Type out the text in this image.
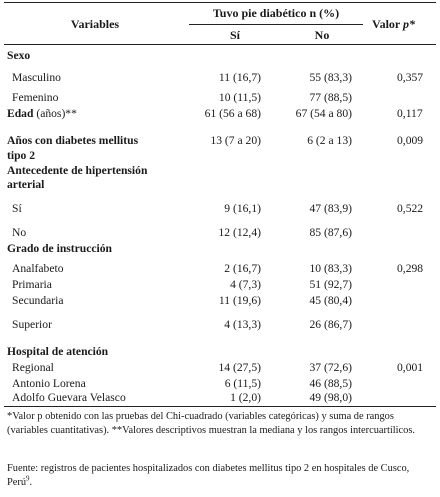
Variables
Tuvo pie diabético n (%)
Sí	No
Valor p*
Sexo
Masculino	11 (16,7)	55 (83,3)	0,357
Femenino	10 (11,5)	77 (88,5)
Edad (años)**	61 (56 a 68)	67 (54 a 80)	0,117
Años con diabetes mellitus
tipo 2
13 (7 a 20)	6 (2 a 13)	0,009
Antecedente de hipertensión
arterial
Sí	9 (16,1)	47 (83,9)	0,522
No	12 (12,4)	85 (87,6)
Grado de instrucción
Analfabeto	2 (16,7)	10 (83,3)	0,298
Primaria	4 (7,3)	51 (92,7)
Secundaria	11 (19,6)	45 (80,4)
Superior	4 (13,3)	26 (86,7)
Hospital de atención
Regional	14 (27,5)	37 (72,6)	0,001
Antonio Lorena	6 (11,5)	46 (88,5)
Adolfo Guevara Velasco	1 (2,0)	49 (98,0)
*Valor p obtenido con las pruebas del Chi-cuadrado (variables categóricas) y suma de rangos (variables cuantitativas). **Valores descriptivos muestran la mediana y los rangos intercuartílicos.
Fuente: registros de pacientes hospitalizados con diabetes mellitus tipo 2 en hospitales de Cusco, Perú$^9$.
